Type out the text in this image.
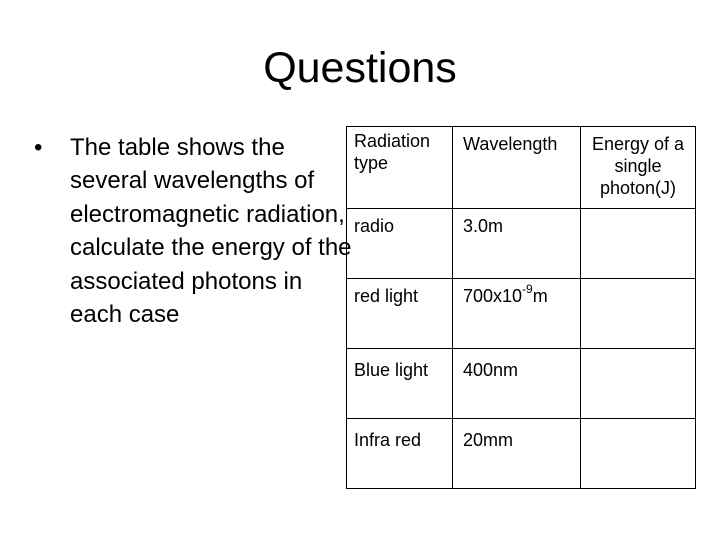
Questions
•	The table shows the several wavelengths of electromagnetic radiation, calculate the energy of the associated photons in each case
Radiation type	Wavelength	Energy of a single photon(J)

radio	3.0m	

red light	$700x10^{-9}m$	

Blue light	400nm	

Infra red	20mm	
